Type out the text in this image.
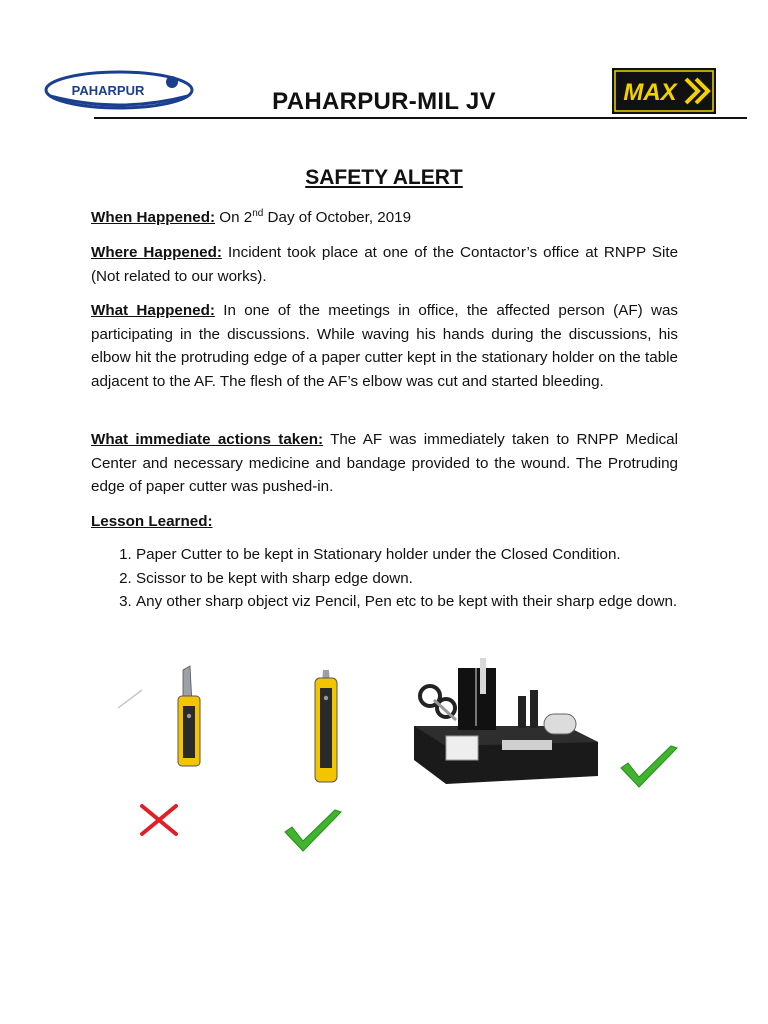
PAHARPUR	PAHARPUR-MIL JV	MAX
SAFETY ALERT
When Happened: On 2nd Day of October, 2019
Where Happened: Incident took place at one of the Contactor’s office at RNPP Site (Not related to our works).
What Happened: In one of the meetings in office, the affected person (AF) was participating in the discussions. While waving his hands during the discussions, his elbow hit the protruding edge of a paper cutter kept in the stationary holder on the table adjacent to the AF. The flesh of the AF’s elbow was cut and started bleeding.
What immediate actions taken: The AF was immediately taken to RNPP Medical Center and necessary medicine and bandage provided to the wound. The Protruding edge of paper cutter was pushed-in.
Lesson Learned:
1. Paper Cutter to be kept in Stationary holder under the Closed Condition.
2. Scissor to be kept with sharp edge down.
3. Any other sharp object viz Pencil, Pen etc to be kept with their sharp edge down.
